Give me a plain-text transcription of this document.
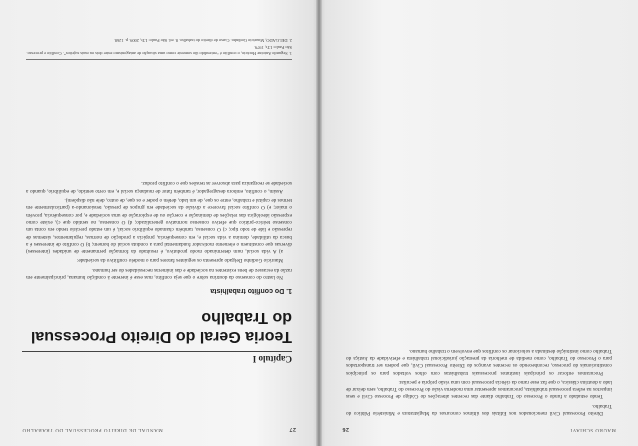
27
MANUAL DE DIREITO PROCESSUAL DO TRABALHO
Capítulo I
Teoria Geral do Direito Processual do Trabalho
1. Do conflito trabalhista

No lastro do consenso da doutrina sobre o que seja conflito, mas esse é inerente à condição humana, principalmente em razão da escassez de bens existentes na sociedade e das inúmeras necessidades do ser humano.

Mauricio Godinho Delgado apresenta os seguintes fatores para o modelo conflitivo da sociedade:

a) A vida social, num determinado modo produtivo, é resultado da formação permanente de unidades (interesses) diversas que constituem o elemento motivador fundamental para a conduta social do homem; b) O conflito de interesses é a busca da utilidade, domina a vida social e, em consequência, propicia a produção de normas, regulamentos, sistemas de repressão e lide de todo tipo; c) O consenso, também chamado equilíbrio social, é um estado precário tendo em conta um consenso teórico-prático que efetivo consenso normativo generalizado; d) O consenso, no sentido que c), existe como expressão ideológica das relações de dominação e coerção ou de exploração de uma sociedade e, por consequência, provém o maior; e) O conflito social favorece a divisão da sociedade em grupos de pressão, tensionando-a (particularmente em termos de capital e trabalho, entre os que, de um lado, detêm o poder e os que, de outro, dele não dispõem).

Assim, o conflito, embora desagregador, é também fator de mudança social e, em certo sentido, de equilíbrio, quando a sociedade se reorganiza para absorver as tensões que o conflito produz.

1. Segundo Antoine Horácio, o conflito é “entendido tão somente como uma situação de antagonismo entre dois ou mais sujeitos”. Conflito e processo. São Paulo: LTr, 1979.
2. DELGADO, Mauricio Godinho. Curso de direito do trabalho. 8. ed. São Paulo: LTr, 2009. p. 1268.
MAURO SCHIAVI
26

Direito Processual Civil mencionados nos Editais dos últimos concursos da Magistratura e Ministério Público do Trabalho.

Tendo estudado a fundo o Processo do Trabalho diante das recentes alterações do Código de Processo Civil e seus impactos na esfera processual trabalhista, procuramos apresentar uma moderna visão do Processo do Trabalho, sem deixar de lado a doutrina clássica, o que faz esse ramo da ciência processual com uma visão própria e peculiar.

Procuramos enfocar os principais institutos processuais trabalhistas com olhos voltados para os princípios constitucionais do processo, reconhecendo os recentes avanços do Direito Processual Civil, que podem ser transportados para o Processo do Trabalho, como medida de melhoria da prestação jurisdicional trabalhista e efetividade da Justiça do Trabalho como instituição destinada a solucionar os conflitos que envolvem o trabalho humano.
